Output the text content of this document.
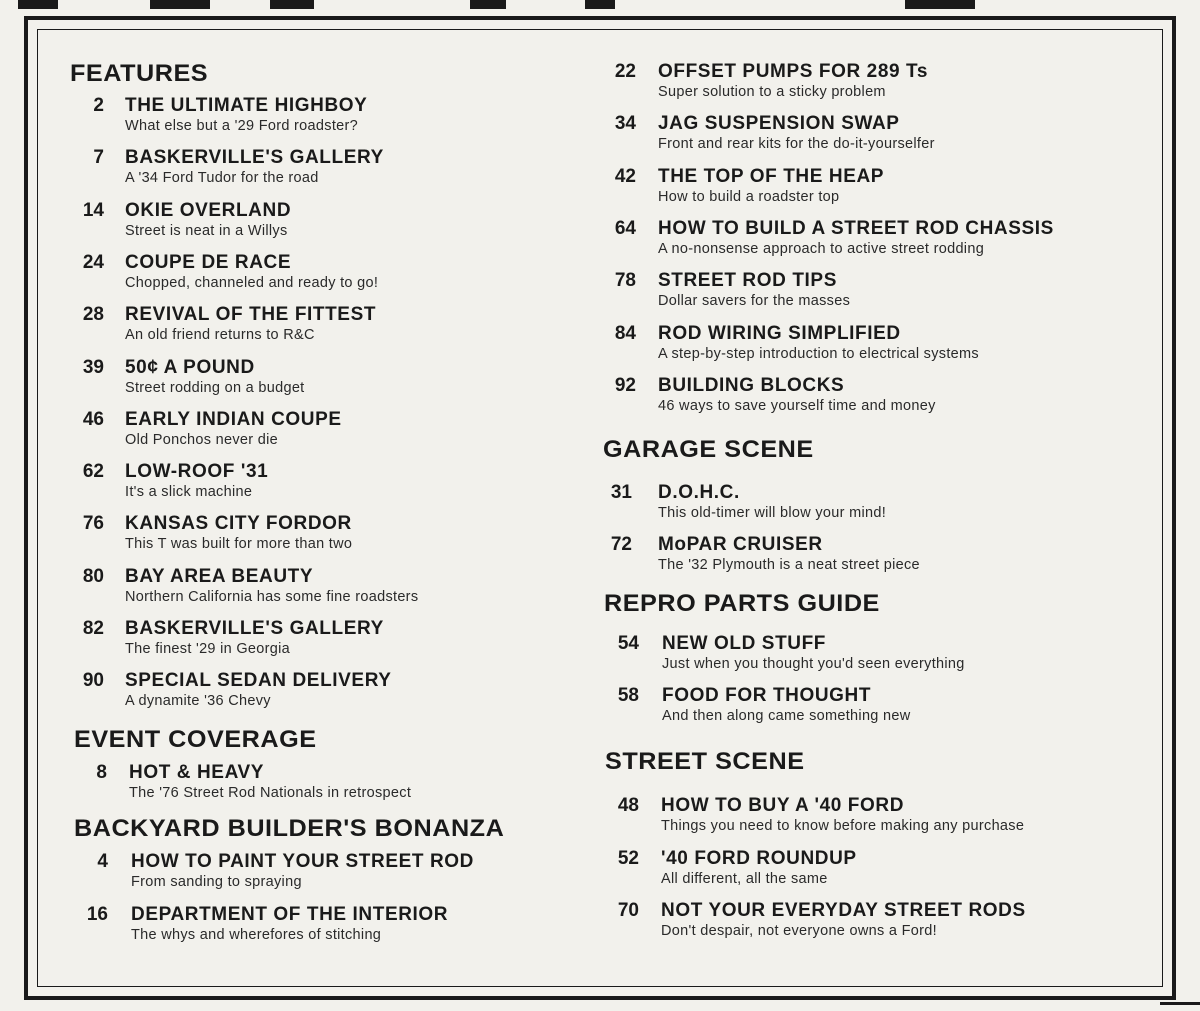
FEATURES
2 THE ULTIMATE HIGHBOY
What else but a '29 Ford roadster?
7 BASKERVILLE'S GALLERY
A '34 Ford Tudor for the road
14 OKIE OVERLAND
Street is neat in a Willys
24 COUPE DE RACE
Chopped, channeled and ready to go!
28 REVIVAL OF THE FITTEST
An old friend returns to R&C
39 50¢ A POUND
Street rodding on a budget
46 EARLY INDIAN COUPE
Old Ponchos never die
62 LOW-ROOF '31
It's a slick machine
76 KANSAS CITY FORDOR
This T was built for more than two
80 BAY AREA BEAUTY
Northern California has some fine roadsters
82 BASKERVILLE'S GALLERY
The finest '29 in Georgia
90 SPECIAL SEDAN DELIVERY
A dynamite '36 Chevy
EVENT COVERAGE
8 HOT & HEAVY
The '76 Street Rod Nationals in retrospect
BACKYARD BUILDER'S BONANZA
4 HOW TO PAINT YOUR STREET ROD
From sanding to spraying
16 DEPARTMENT OF THE INTERIOR
The whys and wherefores of stitching
22 OFFSET PUMPS FOR 289 Ts
Super solution to a sticky problem
34 JAG SUSPENSION SWAP
Front and rear kits for the do-it-yourselfer
42 THE TOP OF THE HEAP
How to build a roadster top
64 HOW TO BUILD A STREET ROD CHASSIS
A no-nonsense approach to active street rodding
78 STREET ROD TIPS
Dollar savers for the masses
84 ROD WIRING SIMPLIFIED
A step-by-step introduction to electrical systems
92 BUILDING BLOCKS
46 ways to save yourself time and money
GARAGE SCENE
31 D.O.H.C.
This old-timer will blow your mind!
72 MoPAR CRUISER
The '32 Plymouth is a neat street piece
REPRO PARTS GUIDE
54 NEW OLD STUFF
Just when you thought you'd seen everything
58 FOOD FOR THOUGHT
And then along came something new
STREET SCENE
48 HOW TO BUY A '40 FORD
Things you need to know before making any purchase
52 '40 FORD ROUNDUP
All different, all the same
70 NOT YOUR EVERYDAY STREET RODS
Don't despair, not everyone owns a Ford!
